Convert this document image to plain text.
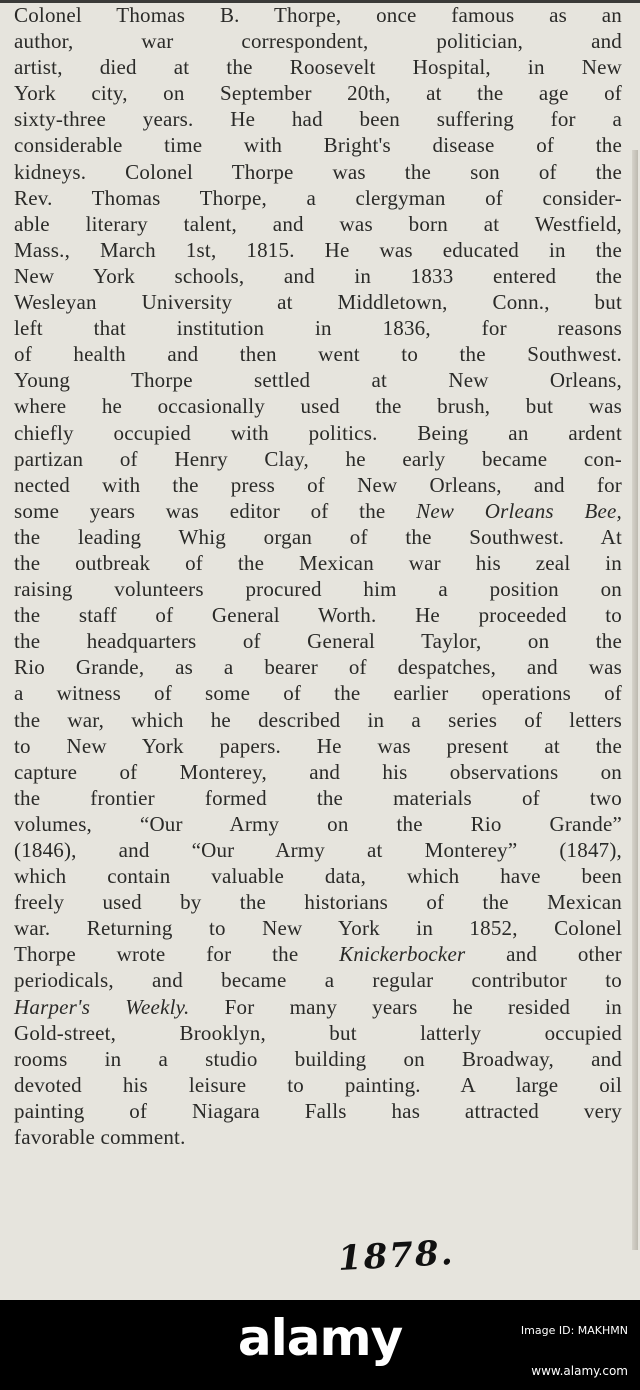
Colonel Thomas B. Thorpe, once famous as an
author, war correspondent, politician, and
artist, died at the Roosevelt Hospital, in New
York city, on September 20th, at the age of
sixty-three years. He had been suffering for a
considerable time with Bright's disease of the
kidneys. Colonel Thorpe was the son of the
Rev. Thomas Thorpe, a clergyman of consider-
able literary talent, and was born at Westfield,
Mass., March 1st, 1815. He was educated in the
New York schools, and in 1833 entered the
Wesleyan University at Middletown, Conn., but
left that institution in 1836, for reasons
of health and then went to the Southwest.
Young Thorpe settled at New Orleans,
where he occasionally used the brush, but was
chiefly occupied with politics. Being an ardent
partizan of Henry Clay, he early became con-
nected with the press of New Orleans, and for
some years was editor of the New Orleans Bee,
the leading Whig organ of the Southwest. At
the outbreak of the Mexican war his zeal in
raising volunteers procured him a position on
the staff of General Worth. He proceeded to
the headquarters of General Taylor, on the
Rio Grande, as a bearer of despatches, and was
a witness of some of the earlier operations of
the war, which he described in a series of letters
to New York papers. He was present at the
capture of Monterey, and his observations on
the frontier formed the materials of two
volumes, “Our Army on the Rio Grande”
(1846), and “Our Army at Monterey” (1847),
which contain valuable data, which have been
freely used by the historians of the Mexican
war. Returning to New York in 1852, Colonel
Thorpe wrote for the Knickerbocker and other
periodicals, and became a regular contributor to
Harper's Weekly. For many years he resided in
Gold-street, Brooklyn, but latterly occupied
rooms in a studio building on Broadway, and
devoted his leisure to painting. A large oil
painting of Niagara Falls has attracted very
favorable comment.
1878.
alamy	Image ID: MAKHMN
www.alamy.com
